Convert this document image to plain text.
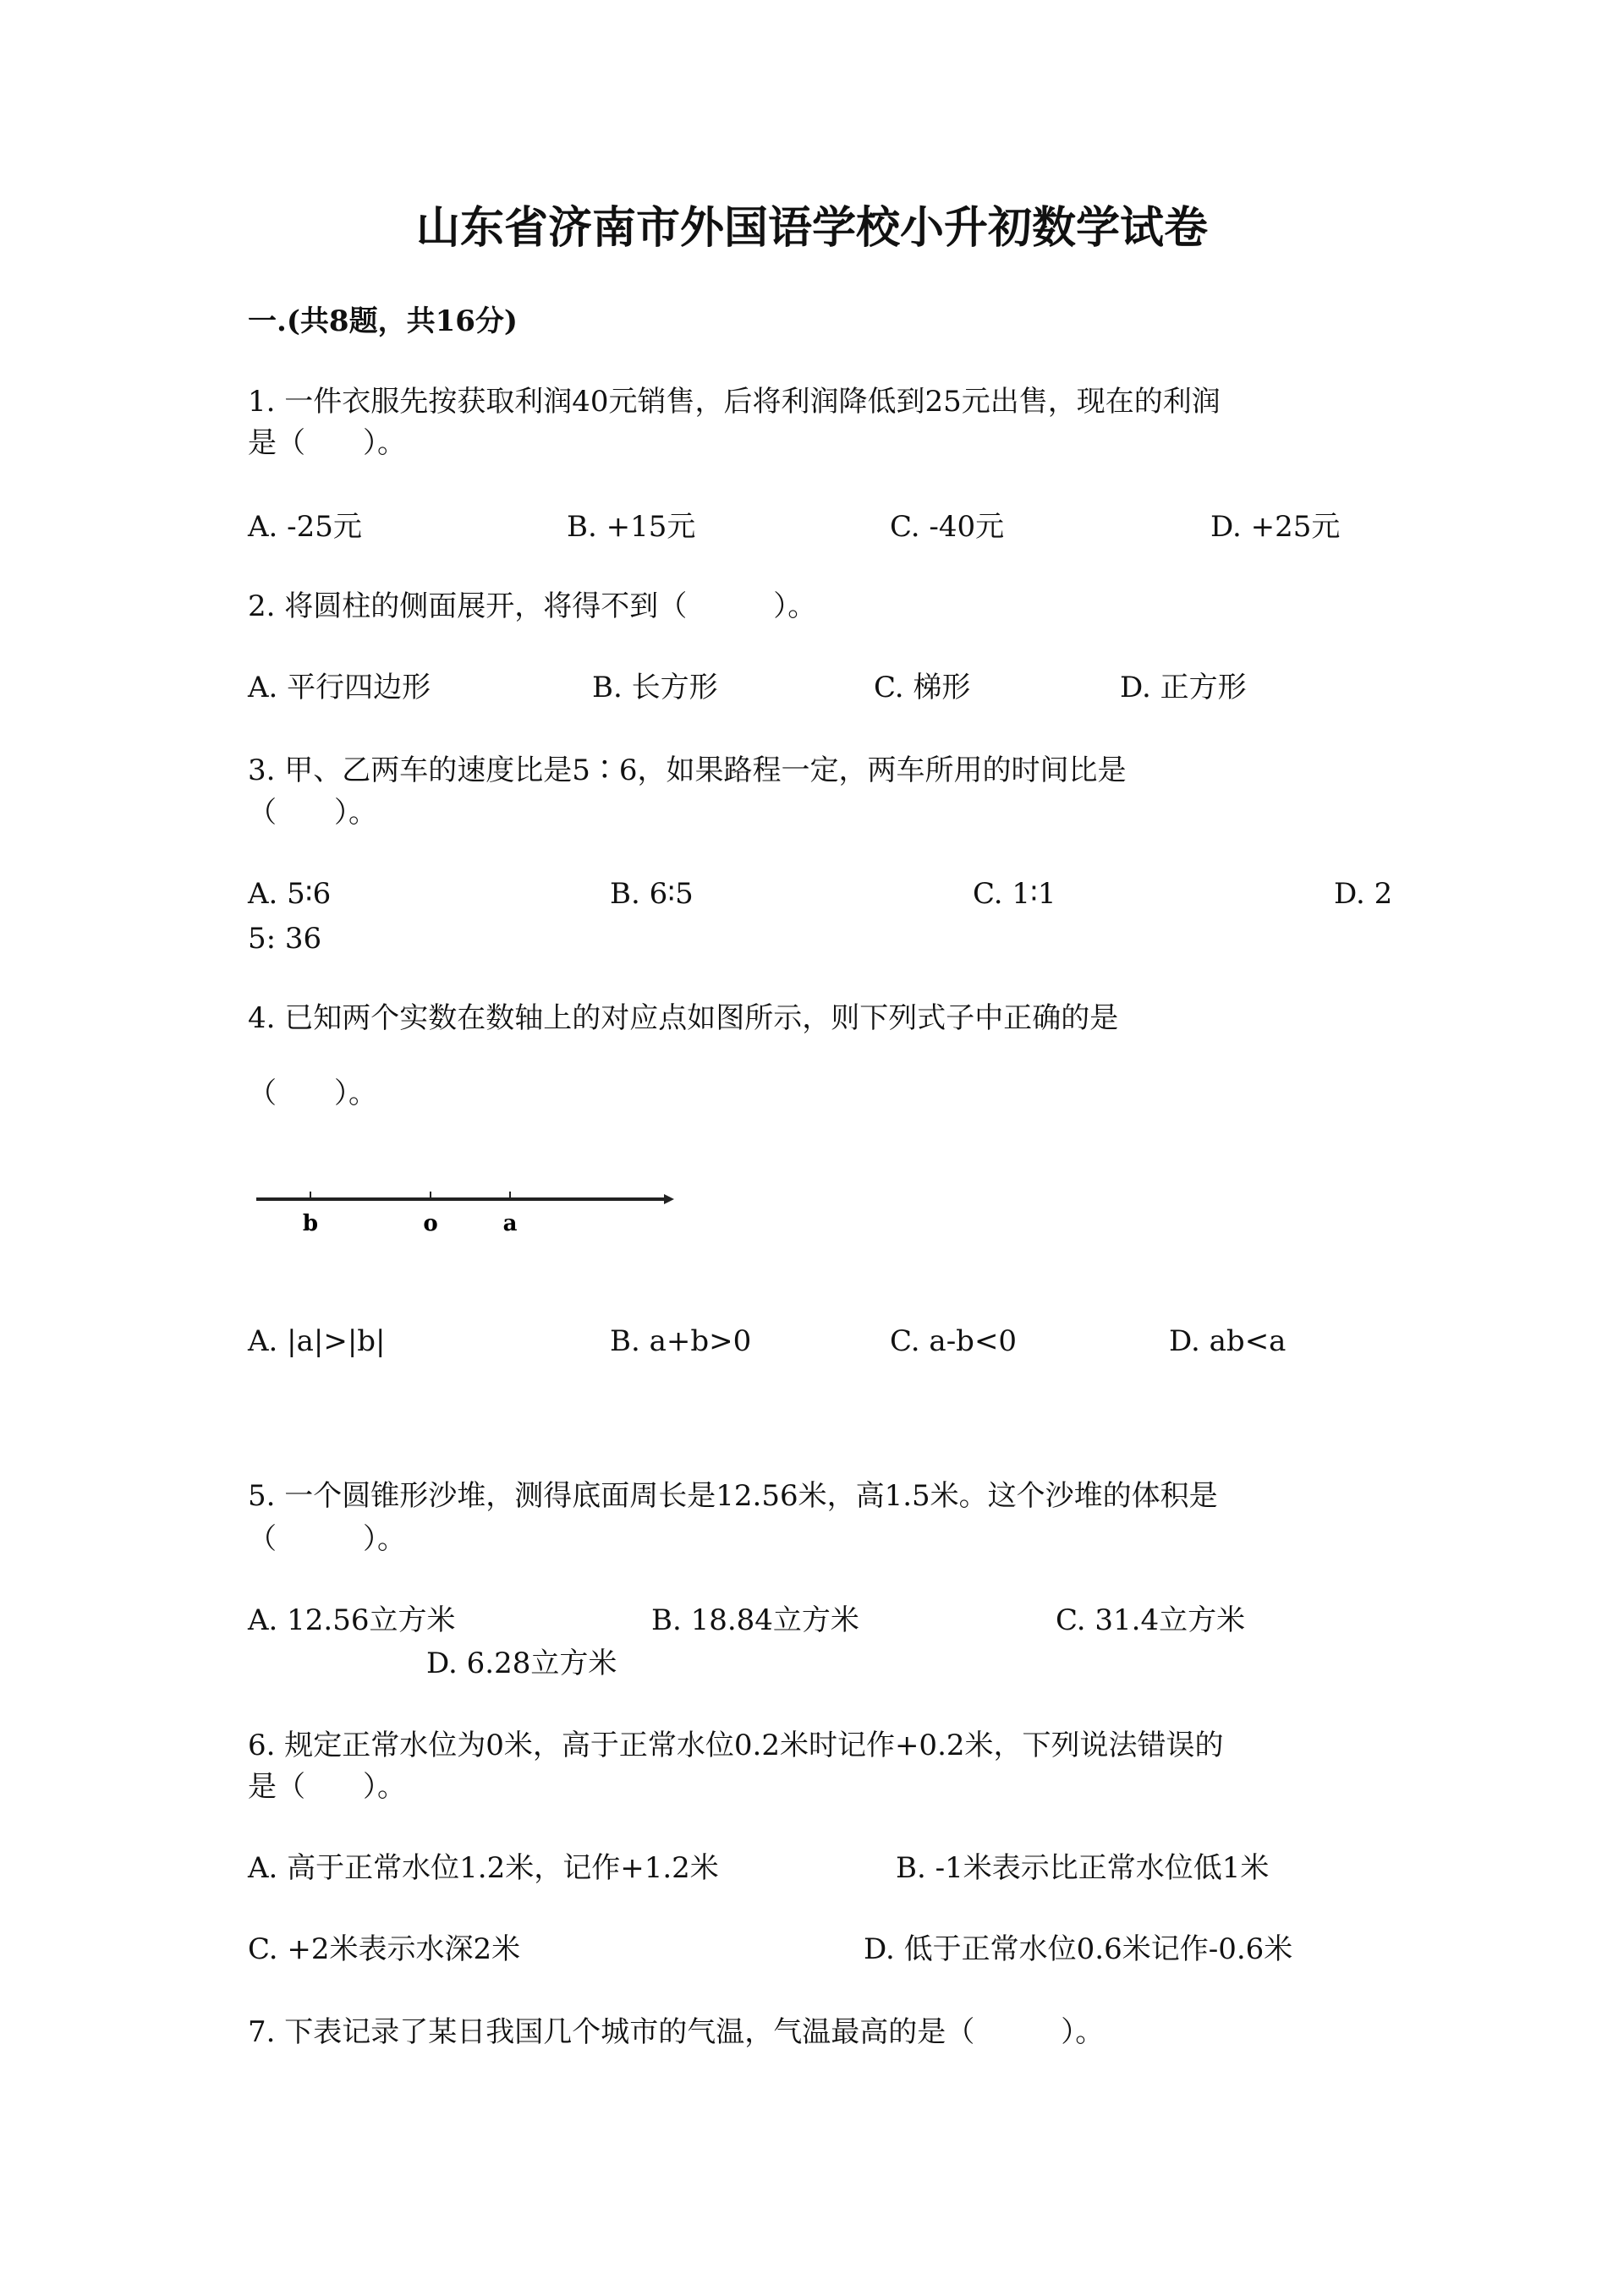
山东省济南市外国语学校小升初数学试卷
一.(共8题，共16分)
1. 一件衣服先按获取利润40元销售，后将利润降低到25元出售，现在的利润
是（　　）。
A. -25元	B. +15元	C. -40元	D. +25元
2. 将圆柱的侧面展开，将得不到（　　　）。
A. 平行四边形	B. 长方形	C. 梯形	D. 正方形
3. 甲、乙两车的速度比是5∶6，如果路程一定，两车所用的时间比是
（　　）。
A. 5∶6	B. 6∶5	C. 1∶1	D. 2
5: 36
4. 已知两个实数在数轴上的对应点如图所示，则下列式子中正确的是
（　　）。
b	o	a
A. |a|>|b|	B. a+b>0	C. a-b<0	D. ab<a
5. 一个圆锥形沙堆，测得底面周长是12.56米，高1.5米。这个沙堆的体积是
（　　　）。
A. 12.56立方米	B. 18.84立方米	C. 31.4立方米
D. 6.28立方米
6. 规定正常水位为0米，高于正常水位0.2米时记作+0.2米，下列说法错误的
是（　　）。
A. 高于正常水位1.2米，记作+1.2米	B. -1米表示比正常水位低1米
C. +2米表示水深2米	D. 低于正常水位0.6米记作-0.6米
7. 下表记录了某日我国几个城市的气温，气温最高的是（　　　）。
